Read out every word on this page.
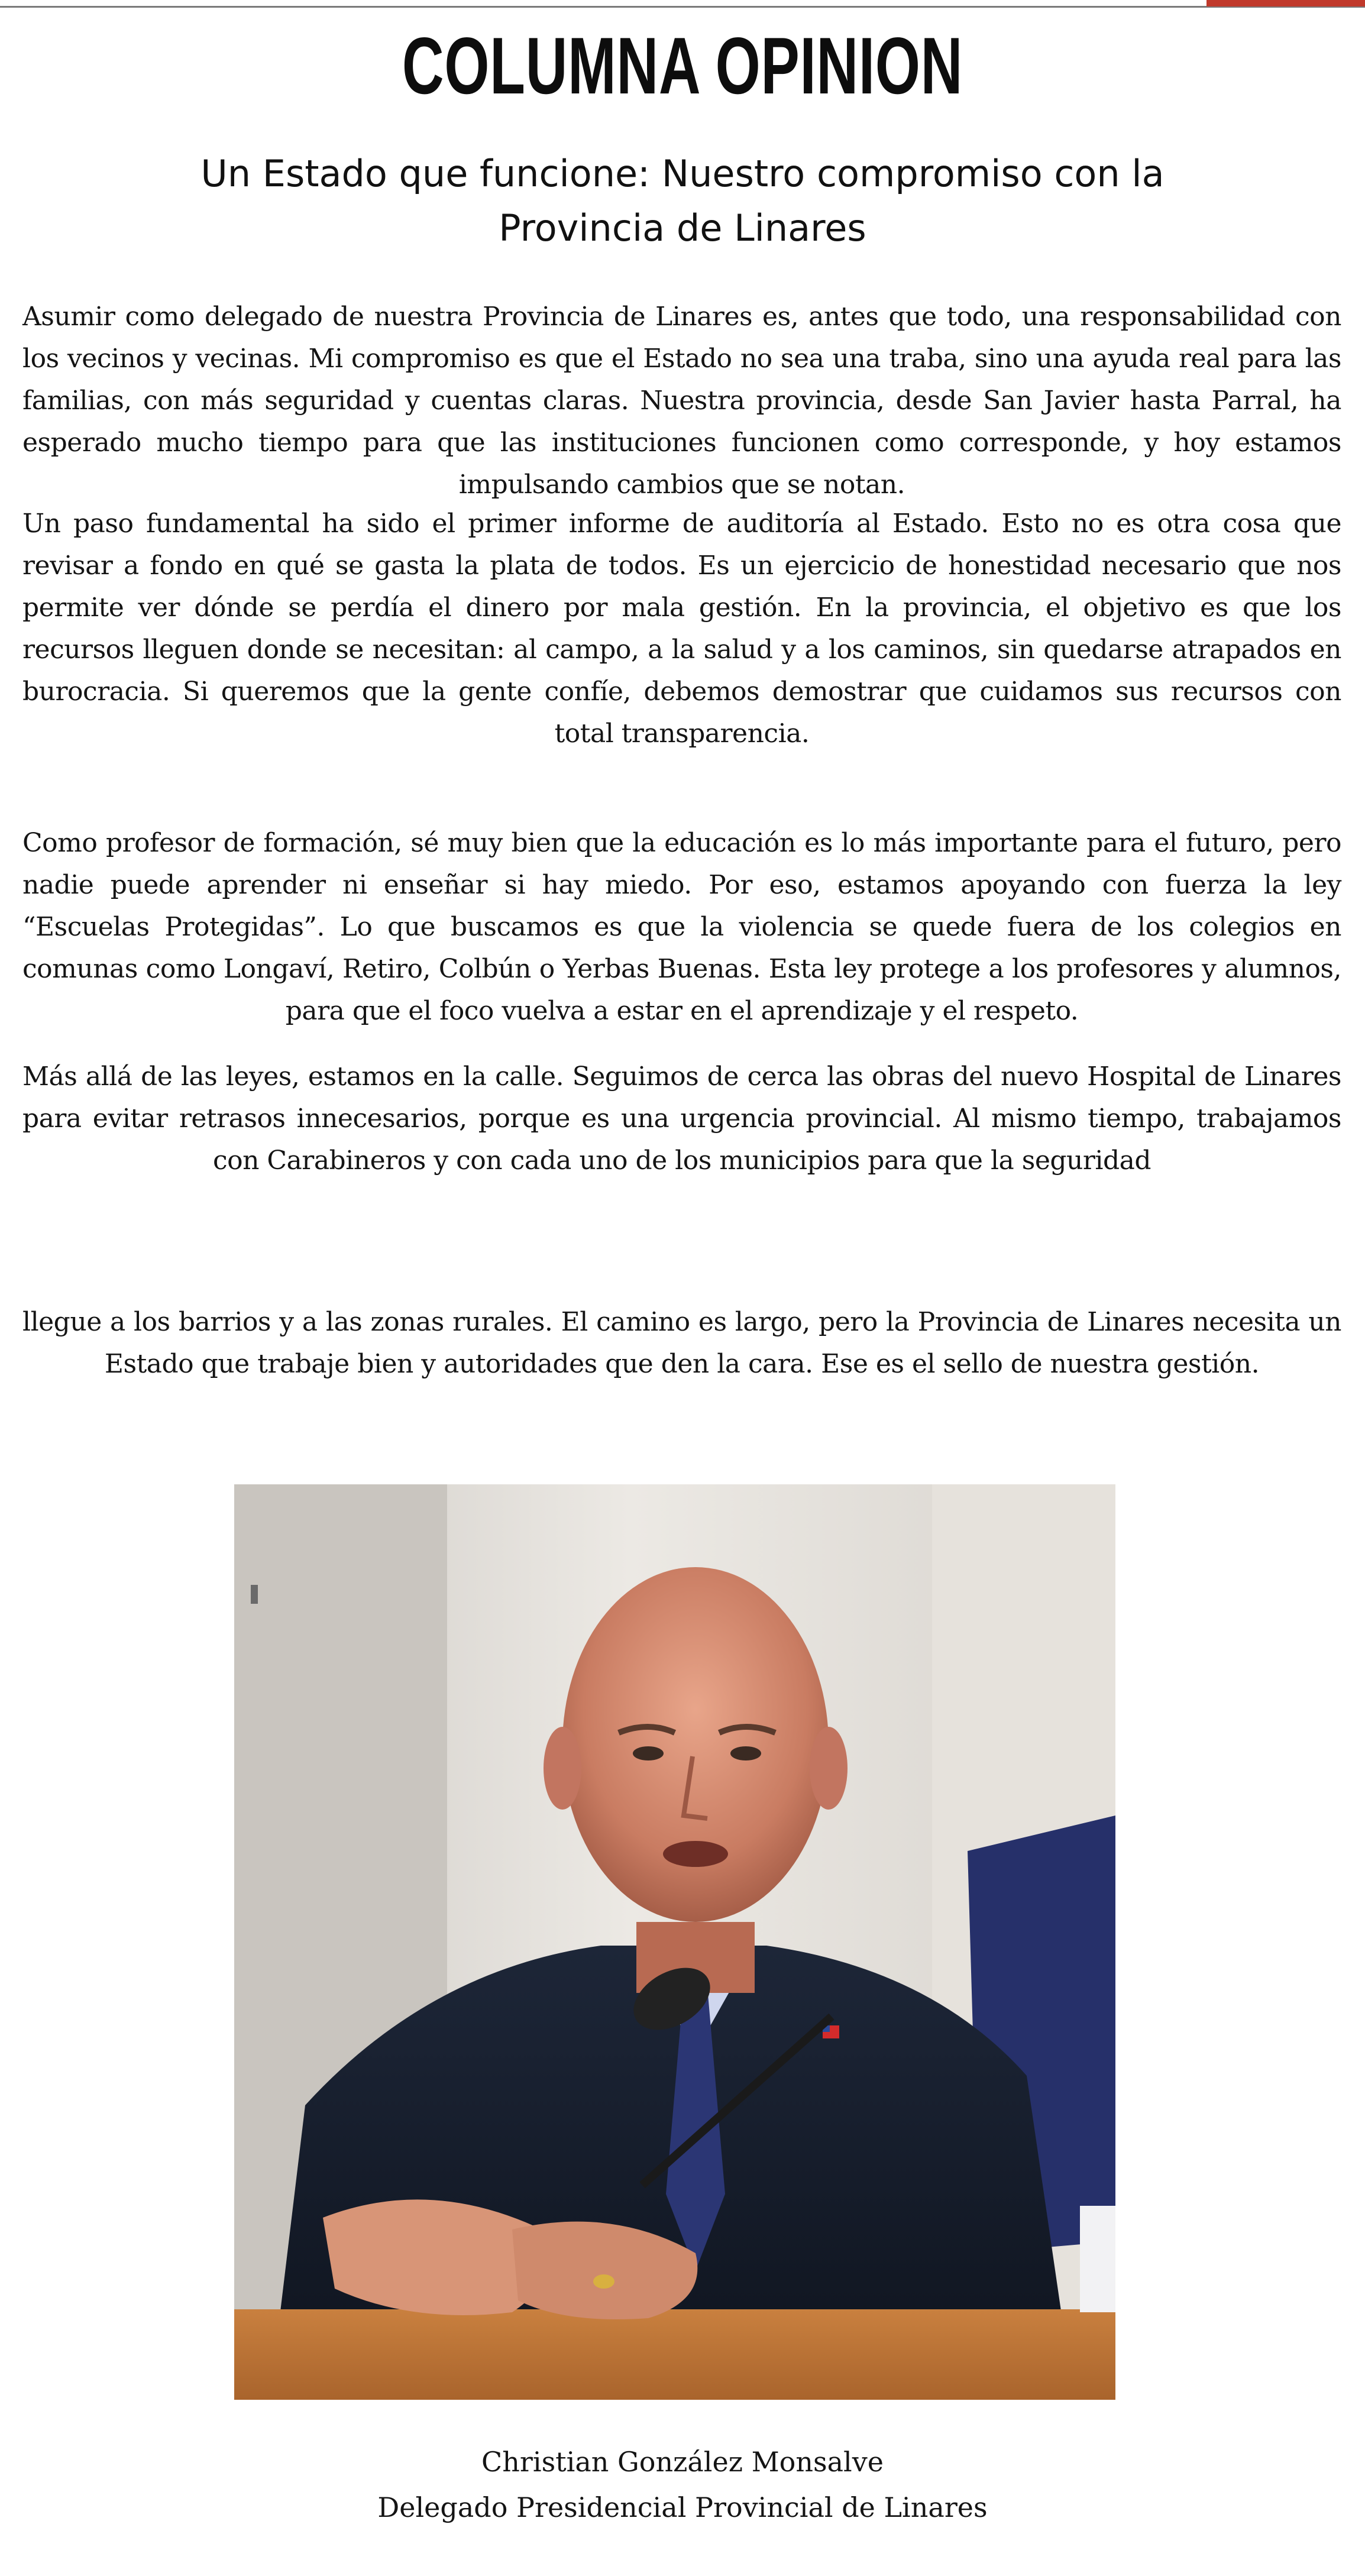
COLUMNA OPINION
Un Estado que funcione: Nuestro compromiso con la Provincia de Linares
Asumir como delegado de nuestra Provincia de Linares es, antes que todo, una responsabilidad con los vecinos y vecinas. Mi compromiso es que el Estado no sea una traba, sino una ayuda real para las familias, con más seguridad y cuentas claras. Nuestra provincia, desde San Javier hasta Parral, ha esperado mucho tiempo para que las instituciones funcionen como corresponde, y hoy estamos impulsando cambios que se notan.
Un paso fundamental ha sido el primer informe de auditoría al Estado. Esto no es otra cosa que revisar a fondo en qué se gasta la plata de todos. Es un ejercicio de honestidad necesario que nos permite ver dónde se perdía el dinero por mala gestión. En la provincia, el objetivo es que los recursos lleguen donde se necesitan: al campo, a la salud y a los caminos, sin quedarse atrapados en burocracia. Si queremos que la gente confíe, debemos demostrar que cuidamos sus recursos con total transparencia.
Como profesor de formación, sé muy bien que la educación es lo más importante para el futuro, pero nadie puede aprender ni enseñar si hay miedo. Por eso, estamos apoyando con fuerza la ley “Escuelas Protegidas”. Lo que buscamos es que la violencia se quede fuera de los colegios en comunas como Longaví, Retiro, Colbún o Yerbas Buenas. Esta ley protege a los profesores y alumnos, para que el foco vuelva a estar en el aprendizaje y el respeto.
Más allá de las leyes, estamos en la calle. Seguimos de cerca las obras del nuevo Hospital de Linares para evitar retrasos innecesarios, porque es una urgencia provincial. Al mismo tiempo, trabajamos con Carabineros y con cada uno de los municipios para que la seguridad
llegue a los barrios y a las zonas rurales. El camino es largo, pero la Provincia de Linares necesita un Estado que trabaje bien y autoridades que den la cara. Ese es el sello de nuestra gestión.
Christian González Monsalve
Delegado Presidencial Provincial de Linares
